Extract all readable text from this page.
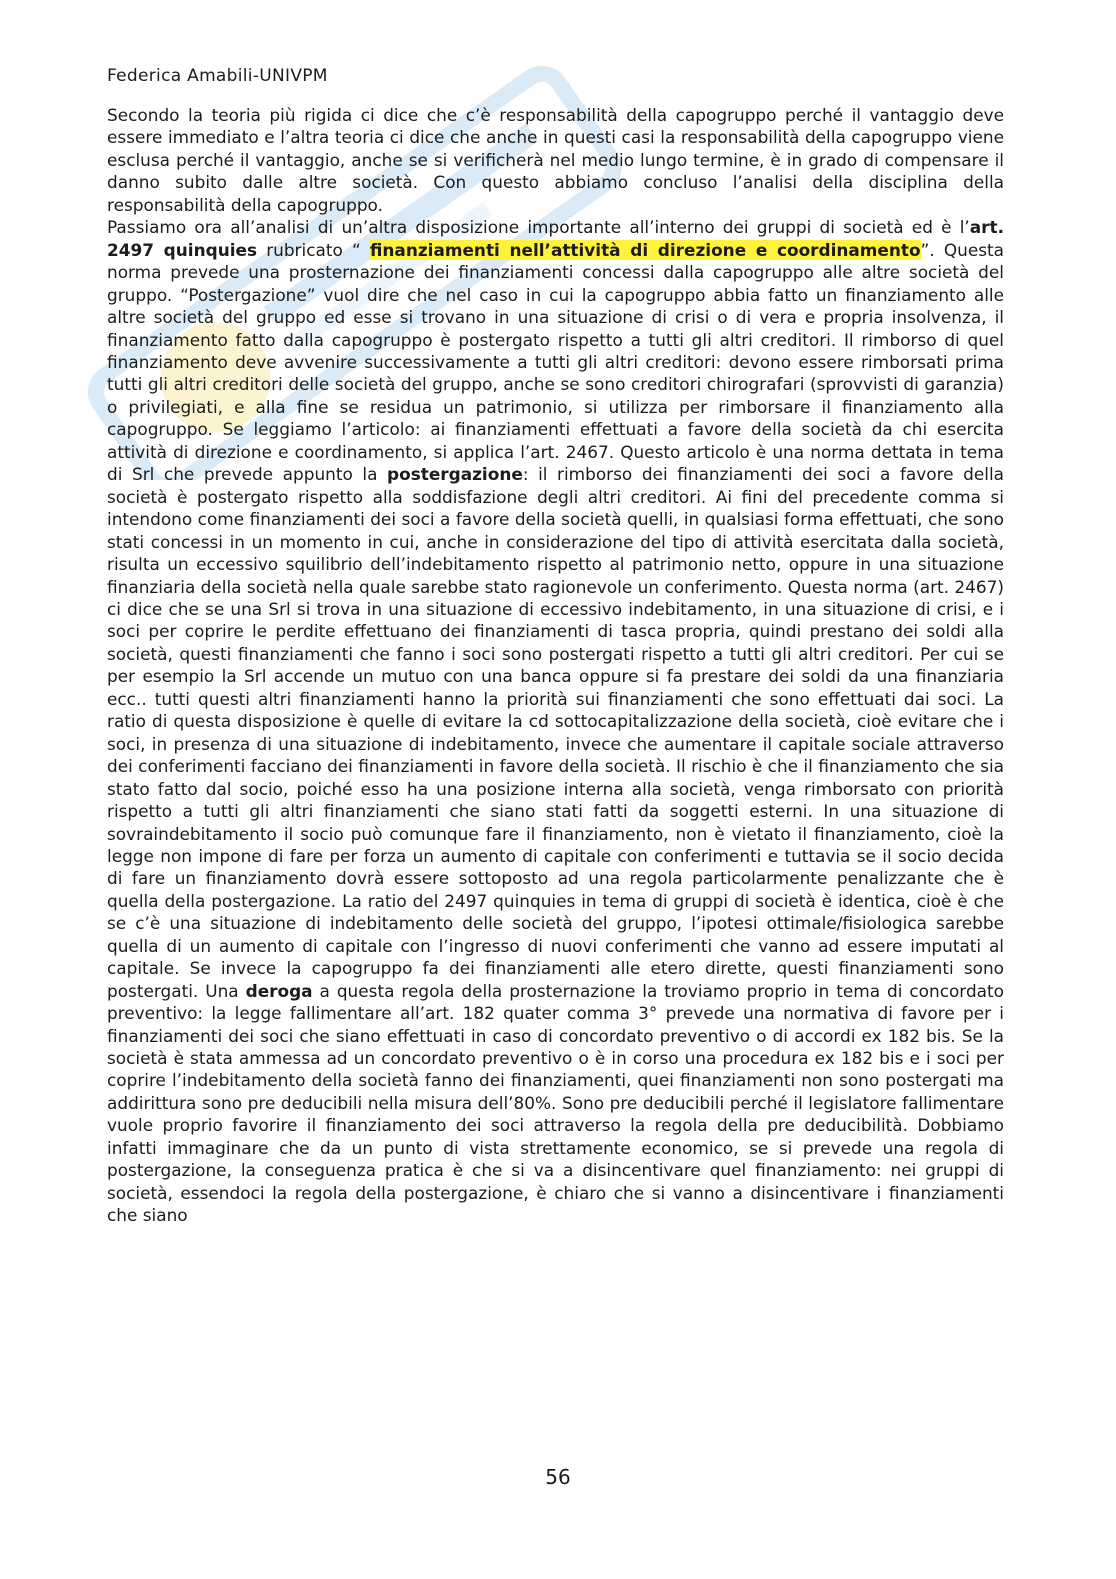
Federica Amabili-UNIVPM

Secondo la teoria più rigida ci dice che c’è responsabilità della capogruppo perché il vantaggio deve essere immediato e l’altra teoria ci dice che anche in questi casi la responsabilità della capogruppo viene esclusa perché il vantaggio, anche se si verificherà nel medio lungo termine, è in grado di compensare il danno subito dalle altre società. Con questo abbiamo concluso l’analisi della disciplina della responsabilità della capogruppo.

Passiamo ora all’analisi di un’altra disposizione importante all’interno dei gruppi di società ed è l’art. 2497 quinquies rubricato “ finanziamenti nell’attività di direzione e coordinamento”. Questa norma prevede una prosternazione dei finanziamenti concessi dalla capogruppo alle altre società del gruppo. “Postergazione” vuol dire che nel caso in cui la capogruppo abbia fatto un finanziamento alle altre società del gruppo ed esse si trovano in una situazione di crisi o di vera e propria insolvenza, il finanziamento fatto dalla capogruppo è postergato rispetto a tutti gli altri creditori. Il rimborso di quel finanziamento deve avvenire successivamente a tutti gli altri creditori: devono essere rimborsati prima tutti gli altri creditori delle società del gruppo, anche se sono creditori chirografari (sprovvisti di garanzia) o privilegiati, e alla fine se residua un patrimonio, si utilizza per rimborsare il finanziamento alla capogruppo. Se leggiamo l’articolo: ai finanziamenti effettuati a favore della società da chi esercita attività di direzione e coordinamento, si applica l’art. 2467. Questo articolo è una norma dettata in tema di Srl che prevede appunto la postergazione: il rimborso dei finanziamenti dei soci a favore della società è postergato rispetto alla soddisfazione degli altri creditori. Ai fini del precedente comma si intendono come finanziamenti dei soci a favore della società quelli, in qualsiasi forma effettuati, che sono stati concessi in un momento in cui, anche in considerazione del tipo di attività esercitata dalla società, risulta un eccessivo squilibrio dell’indebitamento rispetto al patrimonio netto, oppure in una situazione finanziaria della società nella quale sarebbe stato ragionevole un conferimento. Questa norma (art. 2467) ci dice che se una Srl si trova in una situazione di eccessivo indebitamento, in una situazione di crisi, e i soci per coprire le perdite effettuano dei finanziamenti di tasca propria, quindi prestano dei soldi alla società, questi finanziamenti che fanno i soci sono postergati rispetto a tutti gli altri creditori. Per cui se per esempio la Srl accende un mutuo con una banca oppure si fa prestare dei soldi da una finanziaria ecc.. tutti questi altri finanziamenti hanno la priorità sui finanziamenti che sono effettuati dai soci. La ratio di questa disposizione è quelle di evitare la cd sottocapitalizzazione della società, cioè evitare che i soci, in presenza di una situazione di indebitamento, invece che aumentare il capitale sociale attraverso dei conferimenti facciano dei finanziamenti in favore della società. Il rischio è che il finanziamento che sia stato fatto dal socio, poiché esso ha una posizione interna alla società, venga rimborsato con priorità rispetto a tutti gli altri finanziamenti che siano stati fatti da soggetti esterni. In una situazione di sovraindebitamento il socio può comunque fare il finanziamento, non è vietato il finanziamento, cioè la legge non impone di fare per forza un aumento di capitale con conferimenti e tuttavia se il socio decida di fare un finanziamento dovrà essere sottoposto ad una regola particolarmente penalizzante che è quella della postergazione. La ratio del 2497 quinquies in tema di gruppi di società è identica, cioè è che se c’è una situazione di indebitamento delle società del gruppo, l’ipotesi ottimale/fisiologica sarebbe quella di un aumento di capitale con l’ingresso di nuovi conferimenti che vanno ad essere imputati al capitale. Se invece la capogruppo fa dei finanziamenti alle etero dirette, questi finanziamenti sono postergati. Una deroga a questa regola della prosternazione la troviamo proprio in tema di concordato preventivo: la legge fallimentare all’art. 182 quater comma 3° prevede una normativa di favore per i finanziamenti dei soci che siano effettuati in caso di concordato preventivo o di accordi ex 182 bis. Se la società è stata ammessa ad un concordato preventivo o è in corso una procedura ex 182 bis e i soci per coprire l’indebitamento della società fanno dei finanziamenti, quei finanziamenti non sono postergati ma addirittura sono pre deducibili nella misura dell’80%. Sono pre deducibili perché il legislatore fallimentare vuole proprio favorire il finanziamento dei soci attraverso la regola della pre deducibilità. Dobbiamo infatti immaginare che da un punto di vista strettamente economico, se si prevede una regola di postergazione, la conseguenza pratica è che si va a disincentivare quel finanziamento: nei gruppi di società, essendoci la regola della postergazione, è chiaro che si vanno a disincentivare i finanziamenti che siano

56
